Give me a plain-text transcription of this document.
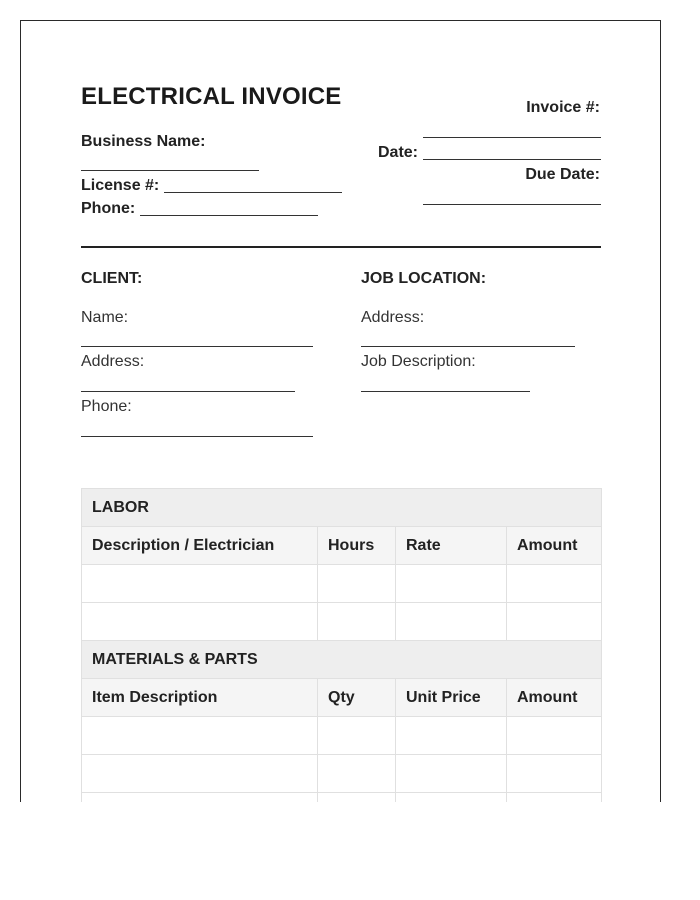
ELECTRICAL INVOICE
Business Name:
License #:
Phone:
Invoice #:
Date:
Due Date:
CLIENT:
Name:
Address:
Phone:
JOB LOCATION:
Address:
Job Description:
LABOR			
Description / Electrician	Hours	Rate	Amount

MATERIALS & PARTS			
Item Description	Qty	Unit Price	Amount
